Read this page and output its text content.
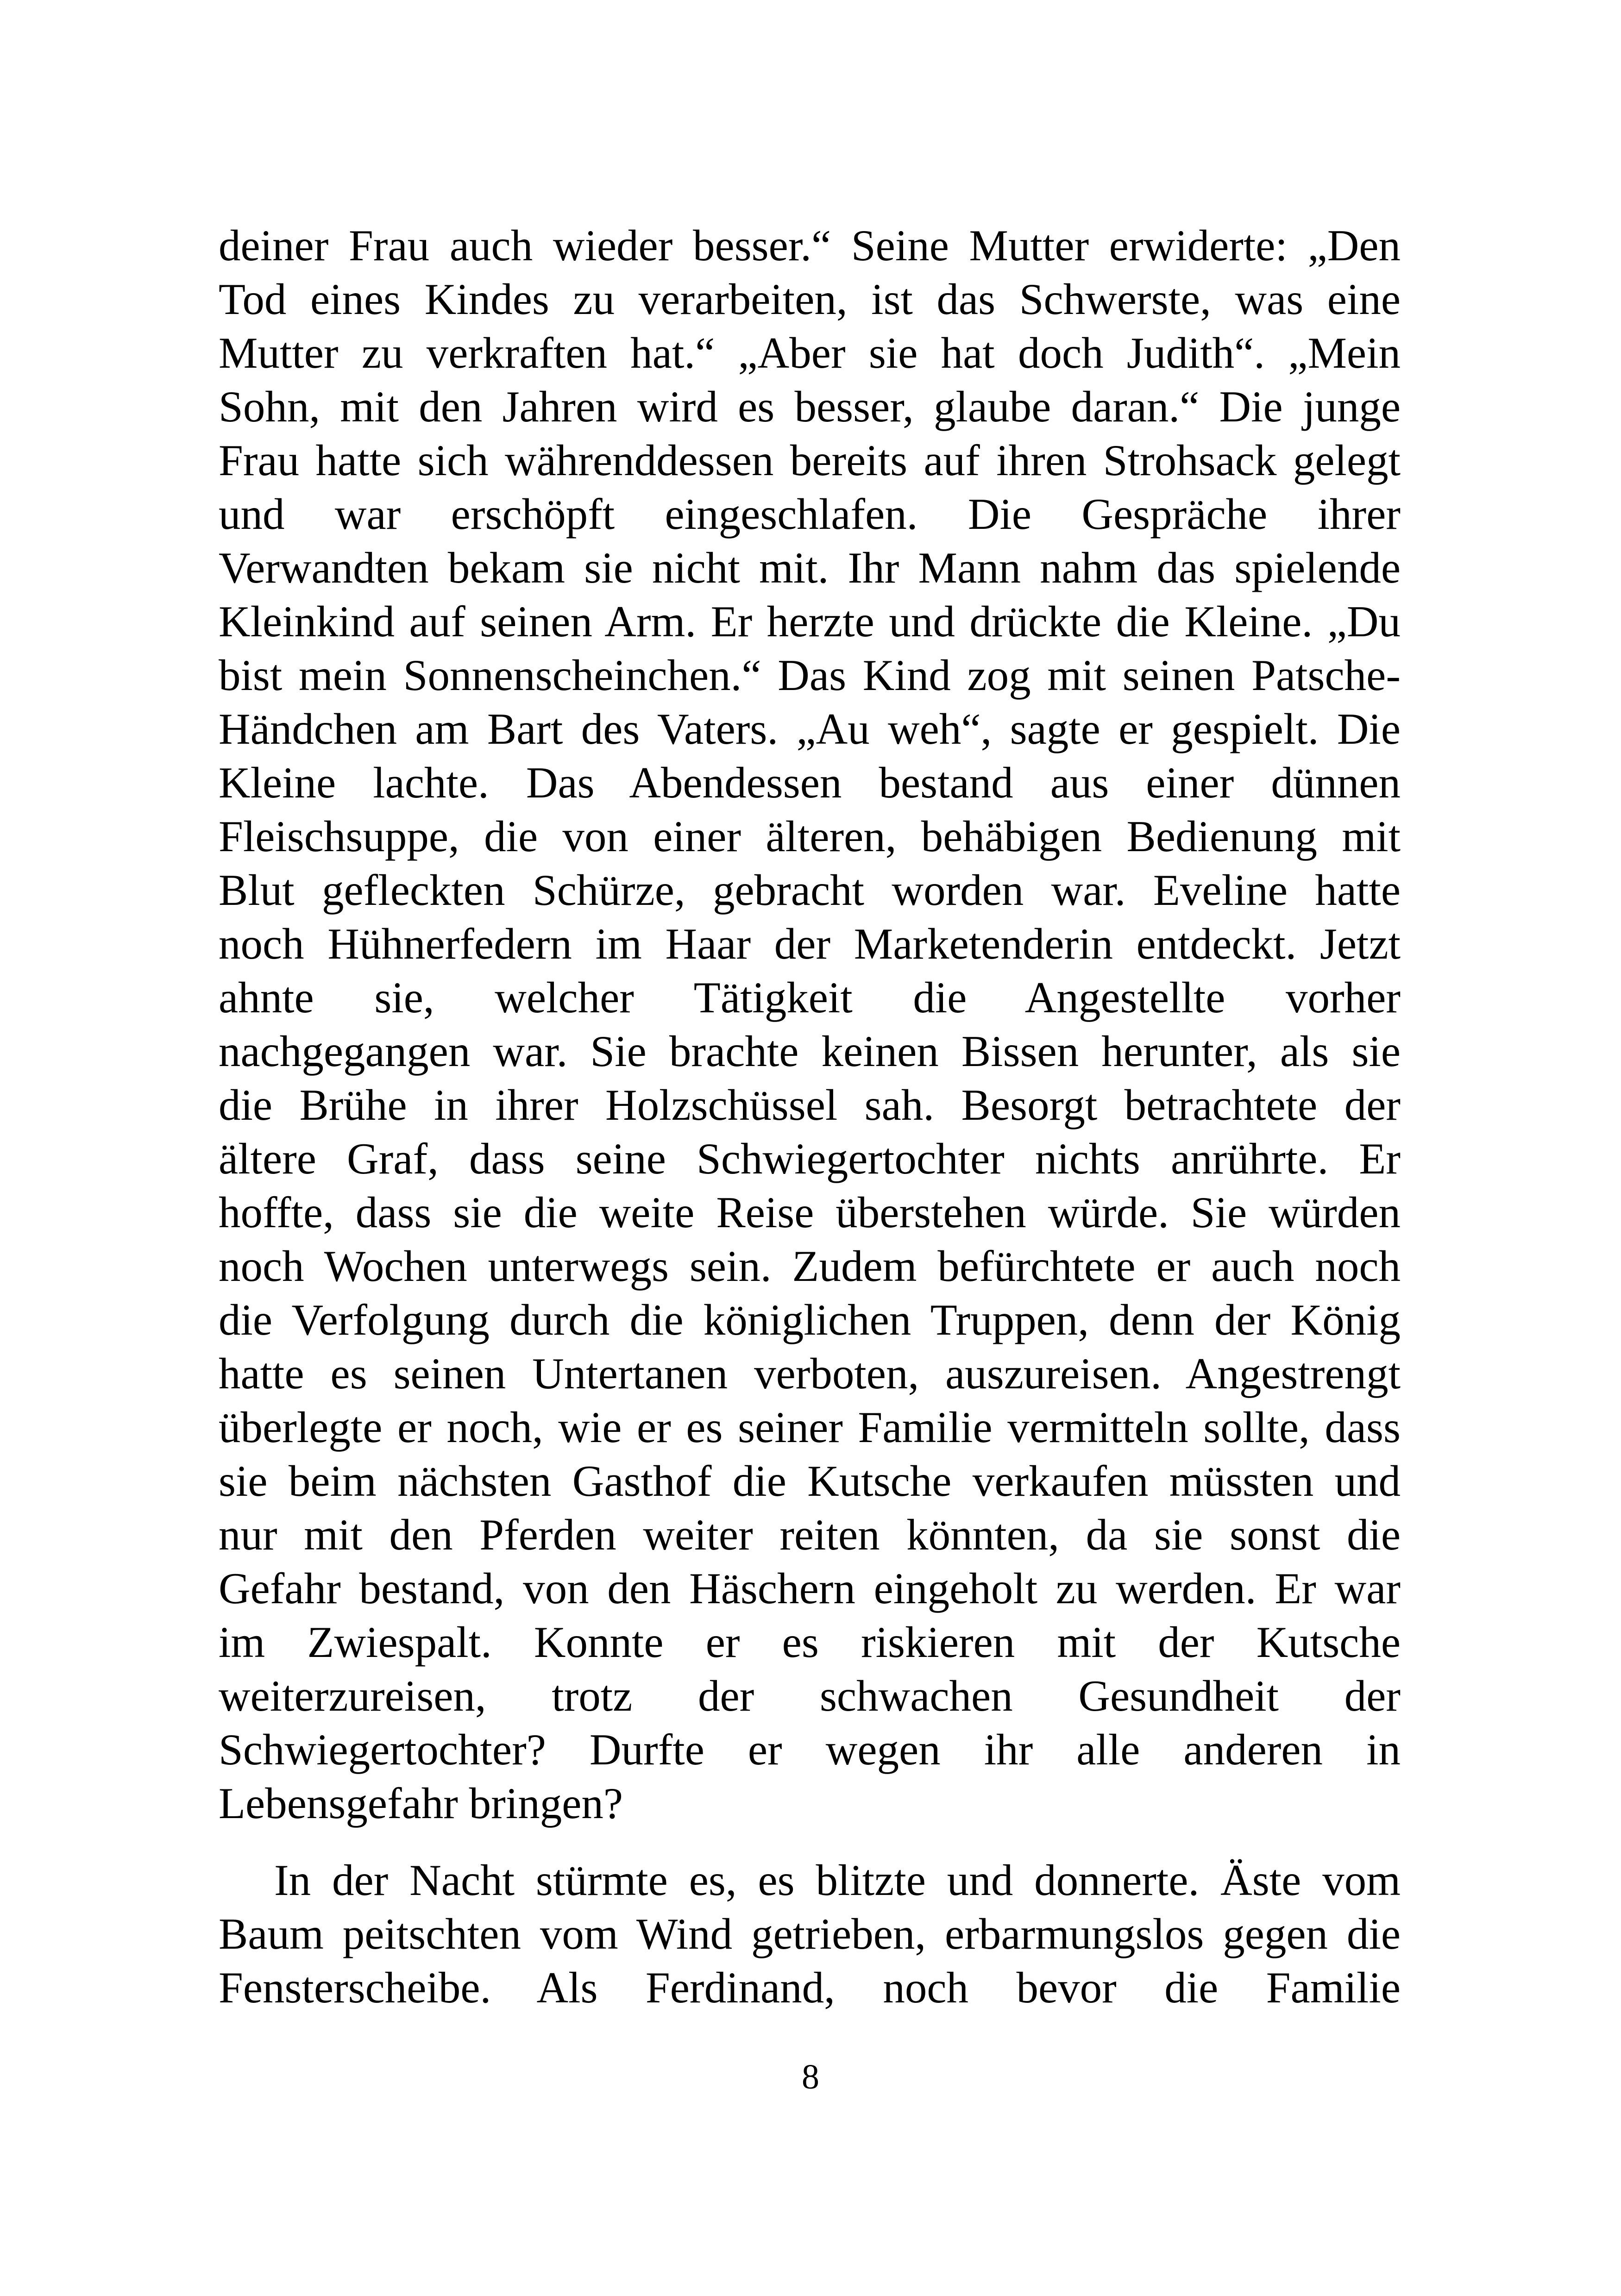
deiner Frau auch wieder besser.“ Seine Mutter erwiderte: „Den
Tod eines Kindes zu verarbeiten, ist das Schwerste, was eine
Mutter zu verkraften hat.“ „Aber sie hat doch Judith“. „Mein
Sohn, mit den Jahren wird es besser, glaube daran.“ Die junge
Frau hatte sich währenddessen bereits auf ihren Strohsack gelegt
und war erschöpft eingeschlafen. Die Gespräche ihrer
Verwandten bekam sie nicht mit. Ihr Mann nahm das spielende
Kleinkind auf seinen Arm. Er herzte und drückte die Kleine. „Du
bist mein Sonnenscheinchen.“ Das Kind zog mit seinen Patsche-
Händchen am Bart des Vaters. „Au weh“, sagte er gespielt. Die
Kleine lachte. Das Abendessen bestand aus einer dünnen
Fleischsuppe, die von einer älteren, behäbigen Bedienung mit
Blut gefleckten Schürze, gebracht worden war. Eveline hatte
noch Hühnerfedern im Haar der Marketenderin entdeckt. Jetzt
ahnte sie, welcher Tätigkeit die Angestellte vorher
nachgegangen war. Sie brachte keinen Bissen herunter, als sie
die Brühe in ihrer Holzschüssel sah. Besorgt betrachtete der
ältere Graf, dass seine Schwiegertochter nichts anrührte. Er
hoffte, dass sie die weite Reise überstehen würde. Sie würden
noch Wochen unterwegs sein. Zudem befürchtete er auch noch
die Verfolgung durch die königlichen Truppen, denn der König
hatte es seinen Untertanen verboten, auszureisen. Angestrengt
überlegte er noch, wie er es seiner Familie vermitteln sollte, dass
sie beim nächsten Gasthof die Kutsche verkaufen müssten und
nur mit den Pferden weiter reiten könnten, da sie sonst die
Gefahr bestand, von den Häschern eingeholt zu werden. Er war
im Zwiespalt. Konnte er es riskieren mit der Kutsche
weiterzureisen, trotz der schwachen Gesundheit der
Schwiegertochter? Durfte er wegen ihr alle anderen in
Lebensgefahr bringen?
In der Nacht stürmte es, es blitzte und donnerte. Äste vom
Baum peitschten vom Wind getrieben, erbarmungslos gegen die
Fensterscheibe. Als Ferdinand, noch bevor die Familie
8
